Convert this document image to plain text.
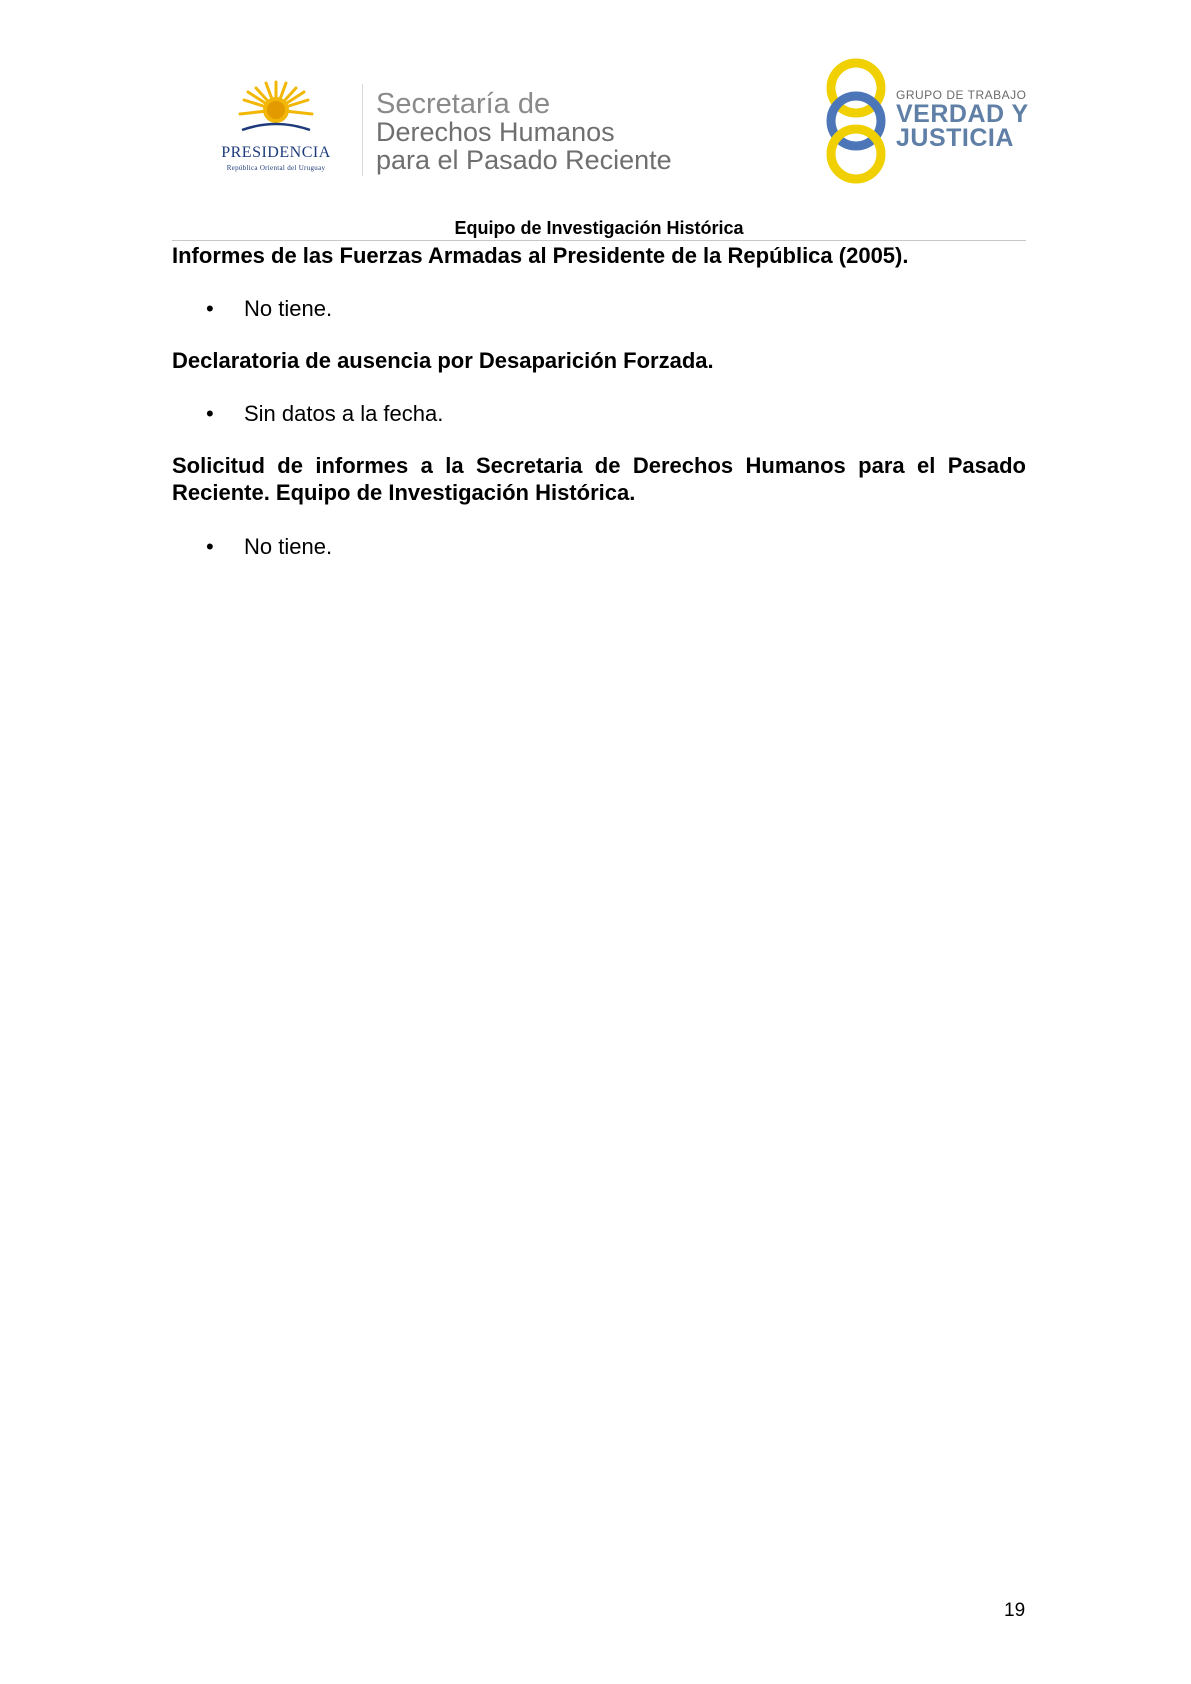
PRESIDENCIA
República Oriental del Uruguay
Secretaría de
Derechos Humanos
para el Pasado Reciente
GRUPO DE TRABAJO
VERDAD Y
JUSTICIA
Equipo de Investigación Histórica

Informes de las Fuerzas Armadas al Presidente de la República (2005).

• No tiene.

Declaratoria de ausencia por Desaparición Forzada.

• Sin datos a la fecha.

Solicitud de informes a la Secretaria de Derechos Humanos para el Pasado Reciente. Equipo de Investigación Histórica.

• No tiene.
19
